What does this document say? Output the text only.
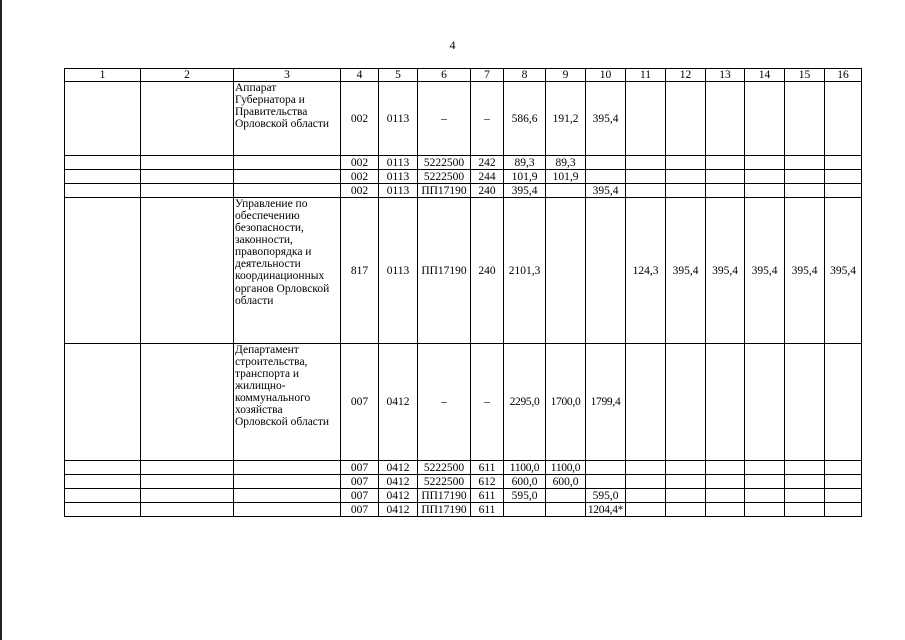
4
1	2	3	4	5	6	7	8	9	10	11	12	13	14	15	16
		Аппарат Губернатора и Правительства Орловской области	002	0113	–	–	586,6	191,2	395,4						
			002	0113	5222500	242	89,3	89,3							
			002	0113	5222500	244	101,9	101,9							
			002	0113	ПП17190	240	395,4		395,4						
		Управление по обеспечению безопасности, законности, правопорядка и деятельности координационных органов Орловской области	817	0113	ПП17190	240	2101,3			124,3	395,4	395,4	395,4	395,4	395,4
		Департамент строительства, транспорта и жилищно-коммунального хозяйства Орловской области	007	0412	–	–	2295,0	1700,0	1799,4						
			007	0412	5222500	611	1100,0	1100,0							
			007	0412	5222500	612	600,0	600,0							
			007	0412	ПП17190	611	595,0		595,0						
			007	0412	ПП17190	611			1204,4*						
